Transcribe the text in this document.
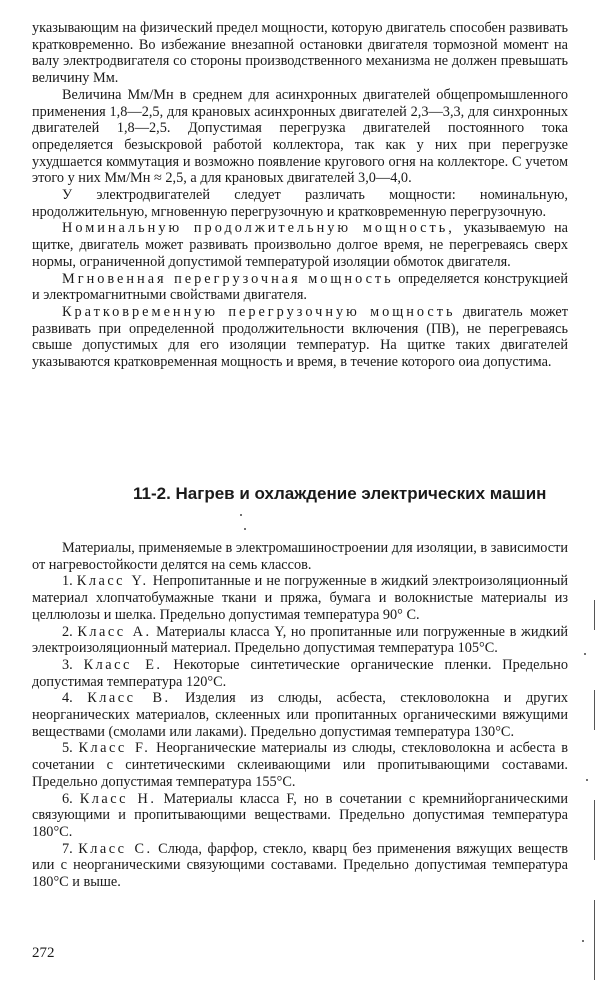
указывающим на физический предел мощности, которую двигатель способен развивать кратковременно. Во избежание внезапной остановки двигателя тормозной момент на валу электродвигателя со стороны производственного механизма не должен превышать величину Mм.

Величина Mм/Mн в среднем для асинхронных двигателей общепромышленного применения 1,8—2,5, для крановых асинхронных двигателей 2,3—3,3, для синхронных двигателей 1,8—2,5. Допустимая перегрузка двигателей постоянного тока определяется безыскровой работой коллектора, так как у них при перегрузке ухудшается коммутация и возможно появление кругового огня на коллекторе. С учетом этого у них Mм/Mн ≈ 2,5, а для крановых двигателей 3,0—4,0.

У электродвигателей следует различать мощности: номинальную, нродолжительную, мгновенную перегрузочную и кратковременную перегрузочную.

Номинальную продолжительную мощность, указываемую на щитке, двигатель может развивать произвольно долгое время, не перегреваясь сверх нормы, ограниченной допустимой температурой изоляции обмоток двигателя.

Мгновенная перегрузочная мощность определяется конструкцией и электромагнитными свойствами двигателя.

Кратковременную перегрузочную мощность двигатель может развивать при определенной продолжительности включения (ПВ), не перегреваясь свыше допустимых для его изоляции температур. На щитке таких двигателей указываются кратковременная мощность и время, в течение которого оиа допустима.

11-2. Нагрев и охлаждение электрических машин

Материалы, применяемые в электромашиностроении для изоляции, в зависимости от нагревостойкости делятся на семь классов.

1. Класс Y. Непропитанные и не погруженные в жидкий электроизоляционный материал хлопчатобумажные ткани и пряжа, бумага и волокнистые материалы из целлюлозы и шелка. Предельно допустимая температура 90° С.

2. Класс А. Материалы класса Y, но пропитанные или погруженные в жидкий электроизоляционный материал. Предельно допустимая температура 105°С.

3. Класс Е. Некоторые синтетические органические пленки. Предельно допустимая температура 120°С.

4. Класс В. Изделия из слюды, асбеста, стекловолокна и других неорганических материалов, склеенных или пропитанных органическими вяжущими веществами (смолами или лаками). Предельно допустимая температура 130°С.

5. Класс F. Неорганические материалы из слюды, стекловолокна и асбеста в сочетании с синтетическими склеивающими или пропитывающими составами. Предельно допустимая температура 155°С.

6. Класс Н. Материалы класса F, но в сочетании с кремнийорганическими связующими и пропитывающими веществами. Предельно допустимая температура 180°С.

7. Класс С. Слюда, фарфор, стекло, кварц без применения вяжущих веществ или с неорганическими связующими составами. Предельно допустимая температура 180°С и выше.

272
